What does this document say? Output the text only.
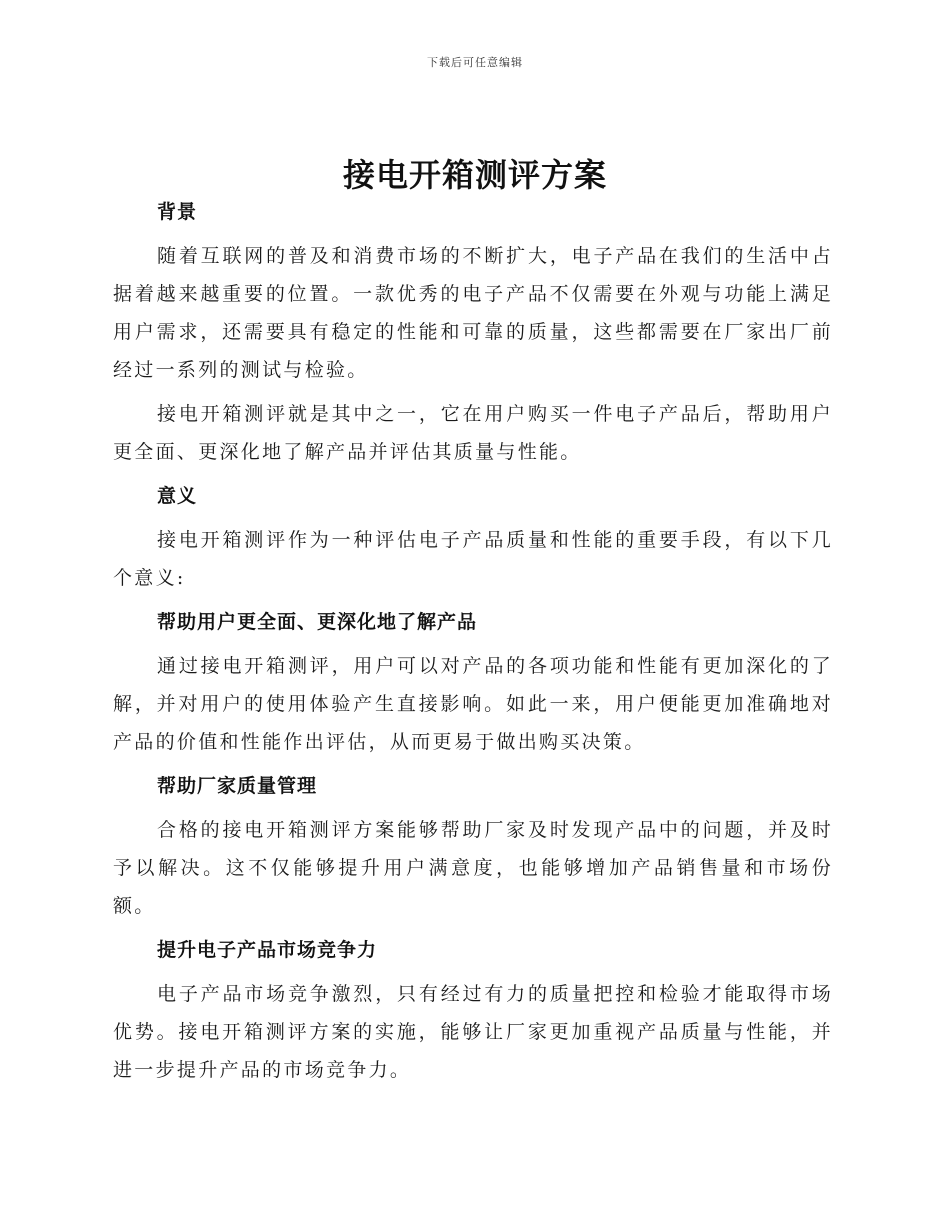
下载后可任意编辑
接电开箱测评方案
背景

随着互联网的普及和消费市场的不断扩大，电子产品在我们的生活中占据着越来越重要的位置。一款优秀的电子产品不仅需要在外观与功能上满足用户需求，还需要具有稳定的性能和可靠的质量，这些都需要在厂家出厂前经过一系列的测试与检验。

接电开箱测评就是其中之一，它在用户购买一件电子产品后，帮助用户更全面、更深化地了解产品并评估其质量与性能。

意义

接电开箱测评作为一种评估电子产品质量和性能的重要手段，有以下几个意义:

帮助用户更全面、更深化地了解产品

通过接电开箱测评，用户可以对产品的各项功能和性能有更加深化的了解，并对用户的使用体验产生直接影响。如此一来，用户便能更加准确地对产品的价值和性能作出评估，从而更易于做出购买决策。

帮助厂家质量管理

合格的接电开箱测评方案能够帮助厂家及时发现产品中的问题，并及时予以解决。这不仅能够提升用户满意度，也能够增加产品销售量和市场份额。

提升电子产品市场竞争力

电子产品市场竞争激烈，只有经过有力的质量把控和检验才能取得市场优势。接电开箱测评方案的实施，能够让厂家更加重视产品质量与性能，并进一步提升产品的市场竞争力。
